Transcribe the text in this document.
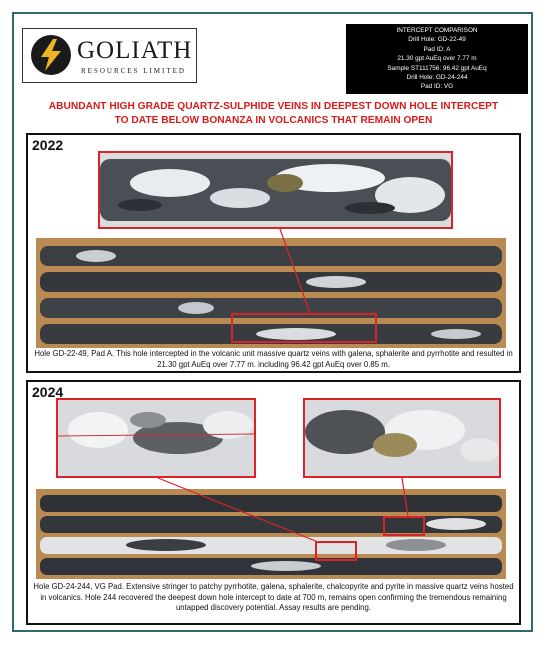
GOLIATH
RESOURCES LIMITED
INTERCEPT COMPARISON
Drill Hole: GD-22-49
Pad ID: A
21.30 gpt AuEq over 7.77 m
Sample ST111756: 96.42 gpt AuEq
Drill Hole: GD-24-244
Pad ID: VG
ABUNDANT HIGH GRADE QUARTZ-SULPHIDE VEINS IN DEEPEST DOWN HOLE INTERCEPT
TO DATE BELOW BONANZA IN VOLCANICS THAT REMAIN OPEN
2022
Hole GD-22-49, Pad A. This hole intercepted in the volcanic unit massive quartz veins with galena, sphalerite and pyrrhotite and resulted in 21.30 gpt AuEq over 7.77 m. including 96.42 gpt AuEq over 0.85 m.
2024
Hole GD-24-244, VG Pad. Extensive stringer to patchy pyrrhotite, galena, sphalerite, chalcopyrite and pyrite in massive quartz veins hosted in volcanics. Hole 244 recovered the deepest down hole intercept to date at 700 m, remains open confirming the tremendous remaining untapped discovery potential. Assay results are pending.
